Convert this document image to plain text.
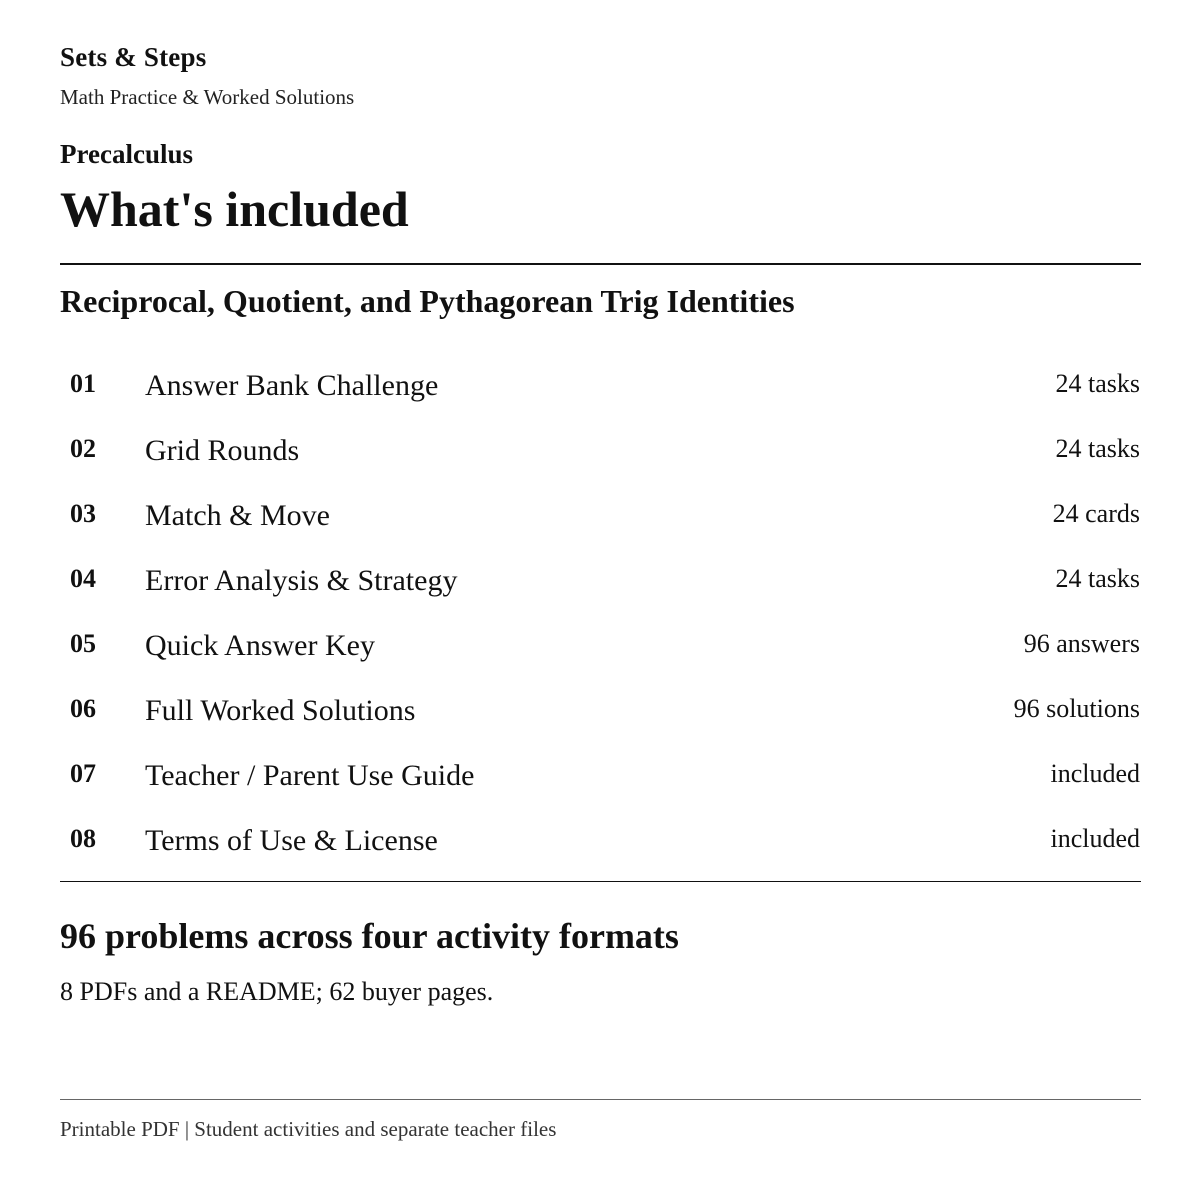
Sets & Steps
Math Practice & Worked Solutions
Precalculus
What's included
Reciprocal, Quotient, and Pythagorean Trig Identities
01 Answer Bank Challenge	24 tasks
02 Grid Rounds	24 tasks
03 Match & Move	24 cards
04 Error Analysis & Strategy	24 tasks
05 Quick Answer Key	96 answers
06 Full Worked Solutions	96 solutions
07 Teacher / Parent Use Guide	included
08 Terms of Use & License	included
96 problems across four activity formats
8 PDFs and a README; 62 buyer pages.
Printable PDF | Student activities and separate teacher files
